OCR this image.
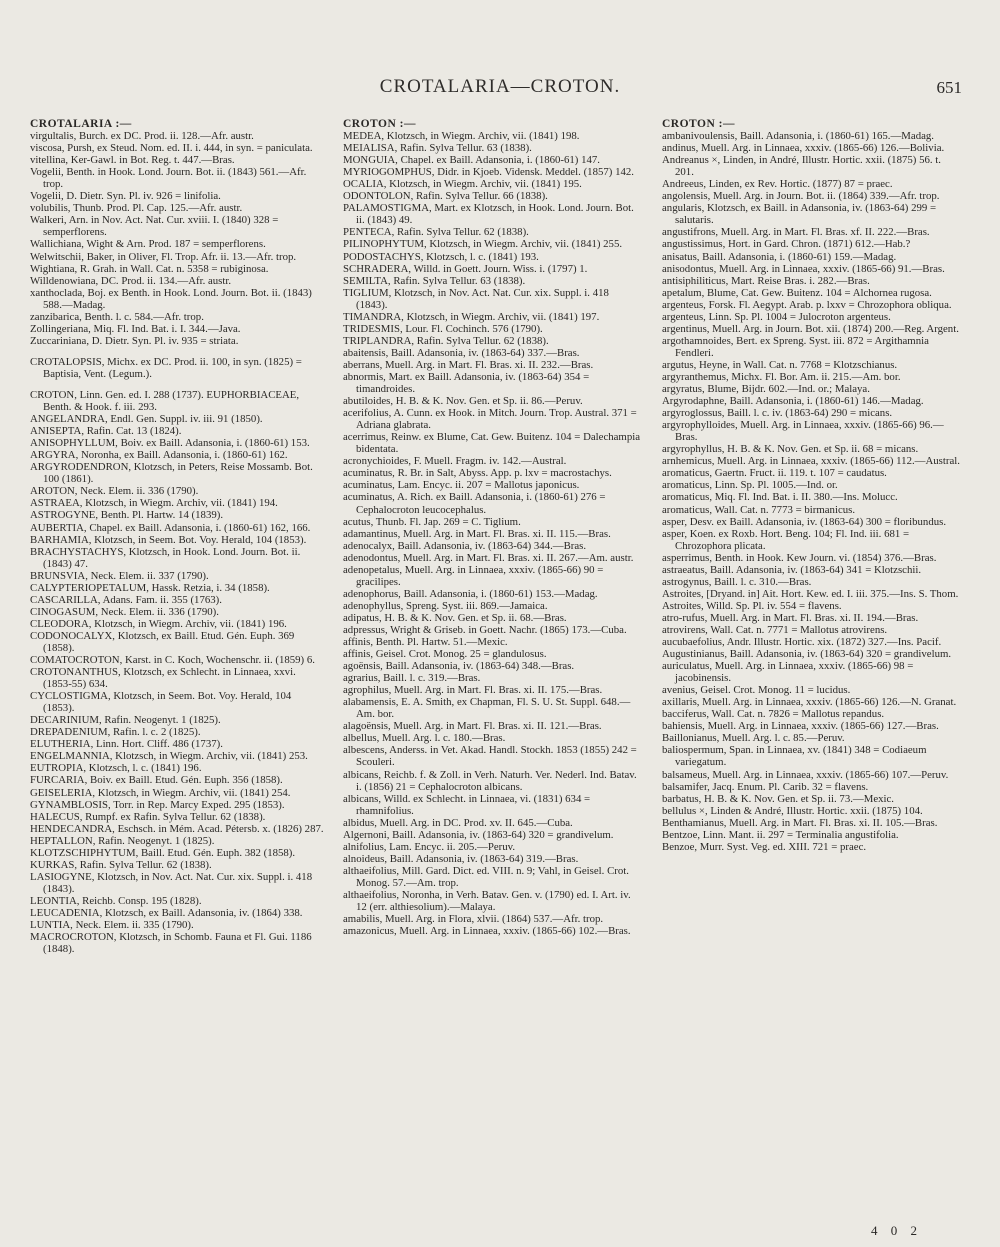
CROTALARIA—CROTON.	651

CROTALARIA :—

virgultalis, Burch. ex DC. Prod. ii. 128.—Afr. austr.

viscosa, Pursh, ex Steud. Nom. ed. II. i. 444, in syn. = paniculata.

vitellina, Ker-Gawl. in Bot. Reg. t. 447.—Bras.

Vogelii, Benth. in Hook. Lond. Journ. Bot. ii. (1843) 561.—Afr. trop.

Vogelii, D. Dietr. Syn. Pl. iv. 926 = linifolia.

volubilis, Thunb. Prod. Pl. Cap. 125.—Afr. austr.

Walkeri, Arn. in Nov. Act. Nat. Cur. xviii. I. (1840) 328 = semperflorens.

Wallichiana, Wight & Arn. Prod. 187 = semperflorens.

Welwitschii, Baker, in Oliver, Fl. Trop. Afr. ii. 13.—Afr. trop.

Wightiana, R. Grah. in Wall. Cat. n. 5358 = rubiginosa.

Willdenowiana, DC. Prod. ii. 134.—Afr. austr.

xanthoclada, Boj. ex Benth. in Hook. Lond. Journ. Bot. ii. (1843) 588.—Madag.

zanzibarica, Benth. l. c. 584.—Afr. trop.

Zollingeriana, Miq. Fl. Ind. Bat. i. I. 344.—Java.

Zuccariniana, D. Dietr. Syn. Pl. iv. 935 = striata.

CROTALOPSIS, Michx. ex DC. Prod. ii. 100, in syn. (1825) = Baptisia, Vent. (Legum.).

CROTON, Linn. Gen. ed. I. 288 (1737). EUPHORBIACEAE, Benth. & Hook. f. iii. 293.

ANGELANDRA, Endl. Gen. Suppl. iv. iii. 91 (1850).

ANISEPTA, Rafin. Cat. 13 (1824).

ANISOPHYLLUM, Boiv. ex Baill. Adansonia, i. (1860-61) 153.

ARGYRA, Noronha, ex Baill. Adansonia, i. (1860-61) 162.

ARGYRODENDRON, Klotzsch, in Peters, Reise Mossamb. Bot. 100 (1861).

AROTON, Neck. Elem. ii. 336 (1790).

ASTRAEA, Klotzsch, in Wiegm. Archiv, vii. (1841) 194.

ASTROGYNE, Benth. Pl. Hartw. 14 (1839).

AUBERTIA, Chapel. ex Baill. Adansonia, i. (1860-61) 162, 166.

BARHAMIA, Klotzsch, in Seem. Bot. Voy. Herald, 104 (1853).

BRACHYSTACHYS, Klotzsch, in Hook. Lond. Journ. Bot. ii. (1843) 47.

BRUNSVIA, Neck. Elem. ii. 337 (1790).

CALYPTERIOPETALUM, Hassk. Retzia, i. 34 (1858).

CASCARILLA, Adans. Fam. ii. 355 (1763).

CINOGASUM, Neck. Elem. ii. 336 (1790).

CLEODORA, Klotzsch, in Wiegm. Archiv, vii. (1841) 196.

CODONOCALYX, Klotzsch, ex Baill. Etud. Gén. Euph. 369 (1858).

COMATOCROTON, Karst. in C. Koch, Wochenschr. ii. (1859) 6.

CROTONANTHUS, Klotzsch, ex Schlecht. in Linnaea, xxvi. (1853-55) 634.

CYCLOSTIGMA, Klotzsch, in Seem. Bot. Voy. Herald, 104 (1853).

DECARINIUM, Rafin. Neogenyt. 1 (1825).

DREPADENIUM, Rafin. l. c. 2 (1825).

ELUTHERIA, Linn. Hort. Cliff. 486 (1737).

ENGELMANNIA, Klotzsch, in Wiegm. Archiv, vii. (1841) 253.

EUTROPIA, Klotzsch, l. c. (1841) 196.

FURCARIA, Boiv. ex Baill. Etud. Gén. Euph. 356 (1858).

GEISELERIA, Klotzsch, in Wiegm. Archiv, vii. (1841) 254.

GYNAMBLOSIS, Torr. in Rep. Marcy Exped. 295 (1853).

HALECUS, Rumpf. ex Rafin. Sylva Tellur. 62 (1838).

HENDECANDRA, Eschsch. in Mém. Acad. Pétersb. x. (1826) 287.

HEPTALLON, Rafin. Neogenyt. 1 (1825).

KLOTZSCHIPHYTUM, Baill. Etud. Gén. Euph. 382 (1858).

KURKAS, Rafin. Sylva Tellur. 62 (1838).

LASIOGYNE, Klotzsch, in Nov. Act. Nat. Cur. xix. Suppl. i. 418 (1843).

LEONTIA, Reichb. Consp. 195 (1828).

LEUCADENIA, Klotzsch, ex Baill. Adansonia, iv. (1864) 338.

LUNTIA, Neck. Elem. ii. 335 (1790).

MACROCROTON, Klotzsch, in Schomb. Fauna et Fl. Gui. 1186 (1848).

CROTON :—

MEDEA, Klotzsch, in Wiegm. Archiv, vii. (1841) 198.

MEIALISA, Rafin. Sylva Tellur. 63 (1838).

MONGUIA, Chapel. ex Baill. Adansonia, i. (1860-61) 147.

MYRIOGOMPHUS, Didr. in Kjoeb. Vidensk. Meddel. (1857) 142.

OCALIA, Klotzsch, in Wiegm. Archiv, vii. (1841) 195.

ODONTOLON, Rafin. Sylva Tellur. 66 (1838).

PALAMOSTIGMA, Mart. ex Klotzsch, in Hook. Lond. Journ. Bot. ii. (1843) 49.

PENTECA, Rafin. Sylva Tellur. 62 (1838).

PILINOPHYTUM, Klotzsch, in Wiegm. Archiv, vii. (1841) 255.

PODOSTACHYS, Klotzsch, l. c. (1841) 193.

SCHRADERA, Willd. in Goett. Journ. Wiss. i. (1797) 1.

SEMILTA, Rafin. Sylva Tellur. 63 (1838).

TIGLIUM, Klotzsch, in Nov. Act. Nat. Cur. xix. Suppl. i. 418 (1843).

TIMANDRA, Klotzsch, in Wiegm. Archiv, vii. (1841) 197.

TRIDESMIS, Lour. Fl. Cochinch. 576 (1790).

TRIPLANDRA, Rafin. Sylva Tellur. 62 (1838).

abaitensis, Baill. Adansonia, iv. (1863-64) 337.—Bras.

aberrans, Muell. Arg. in Mart. Fl. Bras. xi. II. 232.—Bras.

abnormis, Mart. ex Baill. Adansonia, iv. (1863-64) 354 = timandroides.

abutiloides, H. B. & K. Nov. Gen. et Sp. ii. 86.—Peruv.

acerifolius, A. Cunn. ex Hook. in Mitch. Journ. Trop. Austral. 371 = Adriana glabrata.

acerrimus, Reinw. ex Blume, Cat. Gew. Buitenz. 104 = Dalechampia bidentata.

acronychioides, F. Muell. Fragm. iv. 142.—Austral.

acuminatus, R. Br. in Salt, Abyss. App. p. lxv = macrostachys.

acuminatus, Lam. Encyc. ii. 207 = Mallotus japonicus.

acuminatus, A. Rich. ex Baill. Adansonia, i. (1860-61) 276 = Cephalocroton leucocephalus.

acutus, Thunb. Fl. Jap. 269 = C. Tiglium.

adamantinus, Muell. Arg. in Mart. Fl. Bras. xi. II. 115.—Bras.

adenocalyx, Baill. Adansonia, iv. (1863-64) 344.—Bras.

adenodontus, Muell. Arg. in Mart. Fl. Bras. xi. II. 267.—Am. austr.

adenopetalus, Muell. Arg. in Linnaea, xxxiv. (1865-66) 90 = gracilipes.

adenophorus, Baill. Adansonia, i. (1860-61) 153.—Madag.

adenophyllus, Spreng. Syst. iii. 869.—Jamaica.

adipatus, H. B. & K. Nov. Gen. et Sp. ii. 68.—Bras.

adpressus, Wright & Griseb. in Goett. Nachr. (1865) 173.—Cuba.

affinis, Benth. Pl. Hartw. 51.—Mexic.

affinis, Geisel. Crot. Monog. 25 = glandulosus.

agoënsis, Baill. Adansonia, iv. (1863-64) 348.—Bras.

agrarius, Baill. l. c. 319.—Bras.

agrophilus, Muell. Arg. in Mart. Fl. Bras. xi. II. 175.—Bras.

alabamensis, E. A. Smith, ex Chapman, Fl. S. U. St. Suppl. 648.—Am. bor.

alagoënsis, Muell. Arg. in Mart. Fl. Bras. xi. II. 121.—Bras.

albellus, Muell. Arg. l. c. 180.—Bras.

albescens, Anderss. in Vet. Akad. Handl. Stockh. 1853 (1855) 242 = Scouleri.

albicans, Reichb. f. & Zoll. in Verh. Naturh. Ver. Nederl. Ind. Batav. i. (1856) 21 = Cephalocroton albicans.

albicans, Willd. ex Schlecht. in Linnaea, vi. (1831) 634 = rhamnifolius.

albidus, Muell. Arg. in DC. Prod. xv. II. 645.—Cuba.

Algernoni, Baill. Adansonia, iv. (1863-64) 320 = grandivelum.

alnifolius, Lam. Encyc. ii. 205.—Peruv.

alnoideus, Baill. Adansonia, iv. (1863-64) 319.—Bras.

althaeifolius, Mill. Gard. Dict. ed. VIII. n. 9; Vahl, in Geisel. Crot. Monog. 57.—Am. trop.

althaeifolius, Noronha, in Verh. Batav. Gen. v. (1790) ed. I. Art. iv. 12 (err. althiesolium).—Malaya.

amabilis, Muell. Arg. in Flora, xlvii. (1864) 537.—Afr. trop.

amazonicus, Muell. Arg. in Linnaea, xxxiv. (1865-66) 102.—Bras.

CROTON :—

ambanivoulensis, Baill. Adansonia, i. (1860-61) 165.—Madag.

andinus, Muell. Arg. in Linnaea, xxxiv. (1865-66) 126.—Bolivia.

Andreanus ×, Linden, in André, Illustr. Hortic. xxii. (1875) 56. t. 201.

Andreeus, Linden, ex Rev. Hortic. (1877) 87 = praec.

angolensis, Muell. Arg. in Journ. Bot. ii. (1864) 339.—Afr. trop.

angularis, Klotzsch, ex Baill. in Adansonia, iv. (1863-64) 299 = salutaris.

angustifrons, Muell. Arg. in Mart. Fl. Bras. xf. II. 222.—Bras.

angustissimus, Hort. in Gard. Chron. (1871) 612.—Hab.?

anisatus, Baill. Adansonia, i. (1860-61) 159.—Madag.

anisodontus, Muell. Arg. in Linnaea, xxxiv. (1865-66) 91.—Bras.

antisiphiliticus, Mart. Reise Bras. i. 282.—Bras.

apetalum, Blume, Cat. Gew. Buitenz. 104 = Alchornea rugosa.

argenteus, Forsk. Fl. Aegypt. Arab. p. lxxv = Chrozophora obliqua.

argenteus, Linn. Sp. Pl. 1004 = Julocroton argenteus.

argentinus, Muell. Arg. in Journ. Bot. xii. (1874) 200.—Reg. Argent.

argothamnoides, Bert. ex Spreng. Syst. iii. 872 = Argithamnia Fendleri.

argutus, Heyne, in Wall. Cat. n. 7768 = Klotzschianus.

argyranthemus, Michx. Fl. Bor. Am. ii. 215.—Am. bor.

argyratus, Blume, Bijdr. 602.—Ind. or.; Malaya.

Argyrodaphne, Baill. Adansonia, i. (1860-61) 146.—Madag.

argyroglossus, Baill. l. c. iv. (1863-64) 290 = micans.

argyrophylloides, Muell. Arg. in Linnaea, xxxiv. (1865-66) 96.—Bras.

argyrophyllus, H. B. & K. Nov. Gen. et Sp. ii. 68 = micans.

arnhemicus, Muell. Arg. in Linnaea, xxxiv. (1865-66) 112.—Austral.

aromaticus, Gaertn. Fruct. ii. 119. t. 107 = caudatus.

aromaticus, Linn. Sp. Pl. 1005.—Ind. or.

aromaticus, Miq. Fl. Ind. Bat. i. II. 380.—Ins. Molucc.

aromaticus, Wall. Cat. n. 7773 = birmanicus.

asper, Desv. ex Baill. Adansonia, iv. (1863-64) 300 = floribundus.

asper, Koen. ex Roxb. Hort. Beng. 104; Fl. Ind. iii. 681 = Chrozophora plicata.

asperrimus, Benth. in Hook. Kew Journ. vi. (1854) 376.—Bras.

astraeatus, Baill. Adansonia, iv. (1863-64) 341 = Klotzschii.

astrogynus, Baill. l. c. 310.—Bras.

Astroites, [Dryand. in] Ait. Hort. Kew. ed. I. iii. 375.—Ins. S. Thom.

Astroites, Willd. Sp. Pl. iv. 554 = flavens.

atro-rufus, Muell. Arg. in Mart. Fl. Bras. xi. II. 194.—Bras.

atrovirens, Wall. Cat. n. 7771 = Mallotus atrovirens.

aucubaefolius, Andr. Illustr. Hortic. xix. (1872) 327.—Ins. Pacif.

Augustinianus, Baill. Adansonia, iv. (1863-64) 320 = grandivelum.

auriculatus, Muell. Arg. in Linnaea, xxxiv. (1865-66) 98 = jacobinensis.

avenius, Geisel. Crot. Monog. 11 = lucidus.

axillaris, Muell. Arg. in Linnaea, xxxiv. (1865-66) 126.—N. Granat.

bacciferus, Wall. Cat. n. 7826 = Mallotus repandus.

bahiensis, Muell. Arg. in Linnaea, xxxiv. (1865-66) 127.—Bras.

Baillonianus, Muell. Arg. l. c. 85.—Peruv.

baliospermum, Span. in Linnaea, xv. (1841) 348 = Codiaeum variegatum.

balsameus, Muell. Arg. in Linnaea, xxxiv. (1865-66) 107.—Peruv.

balsamifer, Jacq. Enum. Pl. Carib. 32 = flavens.

barbatus, H. B. & K. Nov. Gen. et Sp. ii. 73.—Mexic.

bellulus ×, Linden & André, Illustr. Hortic. xxii. (1875) 104.

Benthamianus, Muell. Arg. in Mart. Fl. Bras. xi. II. 105.—Bras.

Bentzoe, Linn. Mant. ii. 297 = Terminalia angustifolia.

Benzoe, Murr. Syst. Veg. ed. XIII. 721 = praec.

4 0 2
